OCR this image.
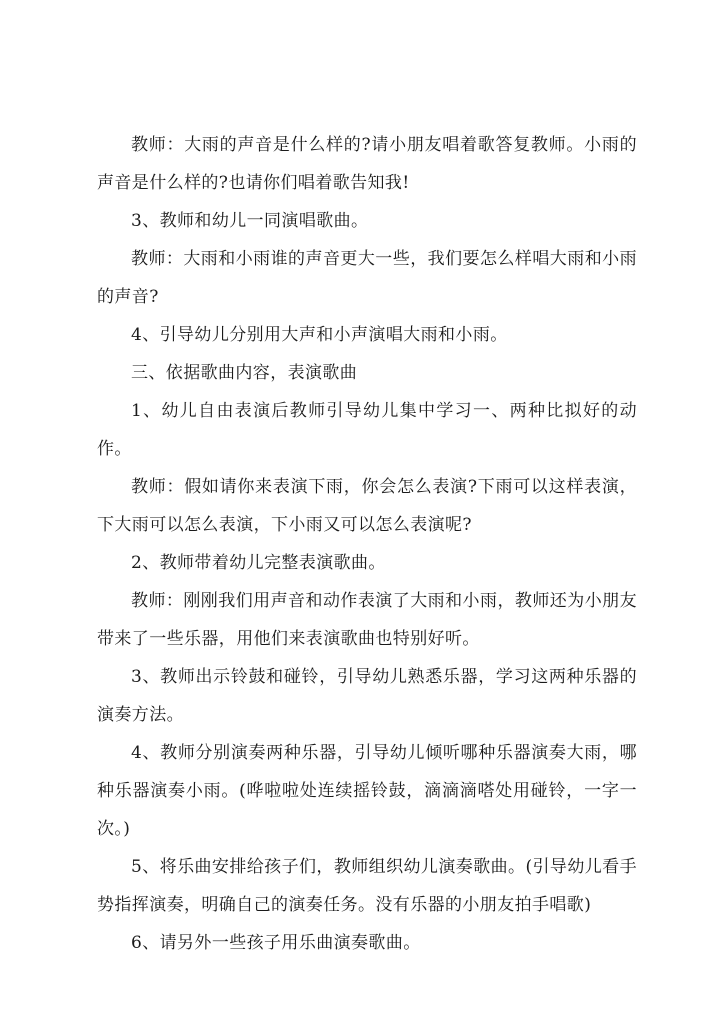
教师：大雨的声音是什么样的?请小朋友唱着歌答复教师。小雨的声音是什么样的?也请你们唱着歌告知我!

3、教师和幼儿一同演唱歌曲。

教师：大雨和小雨谁的声音更大一些，我们要怎么样唱大雨和小雨的声音?

4、引导幼儿分别用大声和小声演唱大雨和小雨。

三、依据歌曲内容，表演歌曲

1、幼儿自由表演后教师引导幼儿集中学习一、两种比拟好的动作。

教师：假如请你来表演下雨，你会怎么表演?下雨可以这样表演，下大雨可以怎么表演，下小雨又可以怎么表演呢?

2、教师带着幼儿完整表演歌曲。

教师：刚刚我们用声音和动作表演了大雨和小雨，教师还为小朋友带来了一些乐器，用他们来表演歌曲也特别好听。

3、教师出示铃鼓和碰铃，引导幼儿熟悉乐器，学习这两种乐器的演奏方法。

4、教师分别演奏两种乐器，引导幼儿倾听哪种乐器演奏大雨，哪种乐器演奏小雨。(哗啦啦处连续摇铃鼓，滴滴滴嗒处用碰铃，一字一次。)

5、将乐曲安排给孩子们，教师组织幼儿演奏歌曲。(引导幼儿看手势指挥演奏，明确自己的演奏任务。没有乐器的小朋友拍手唱歌)

6、请另外一些孩子用乐曲演奏歌曲。
